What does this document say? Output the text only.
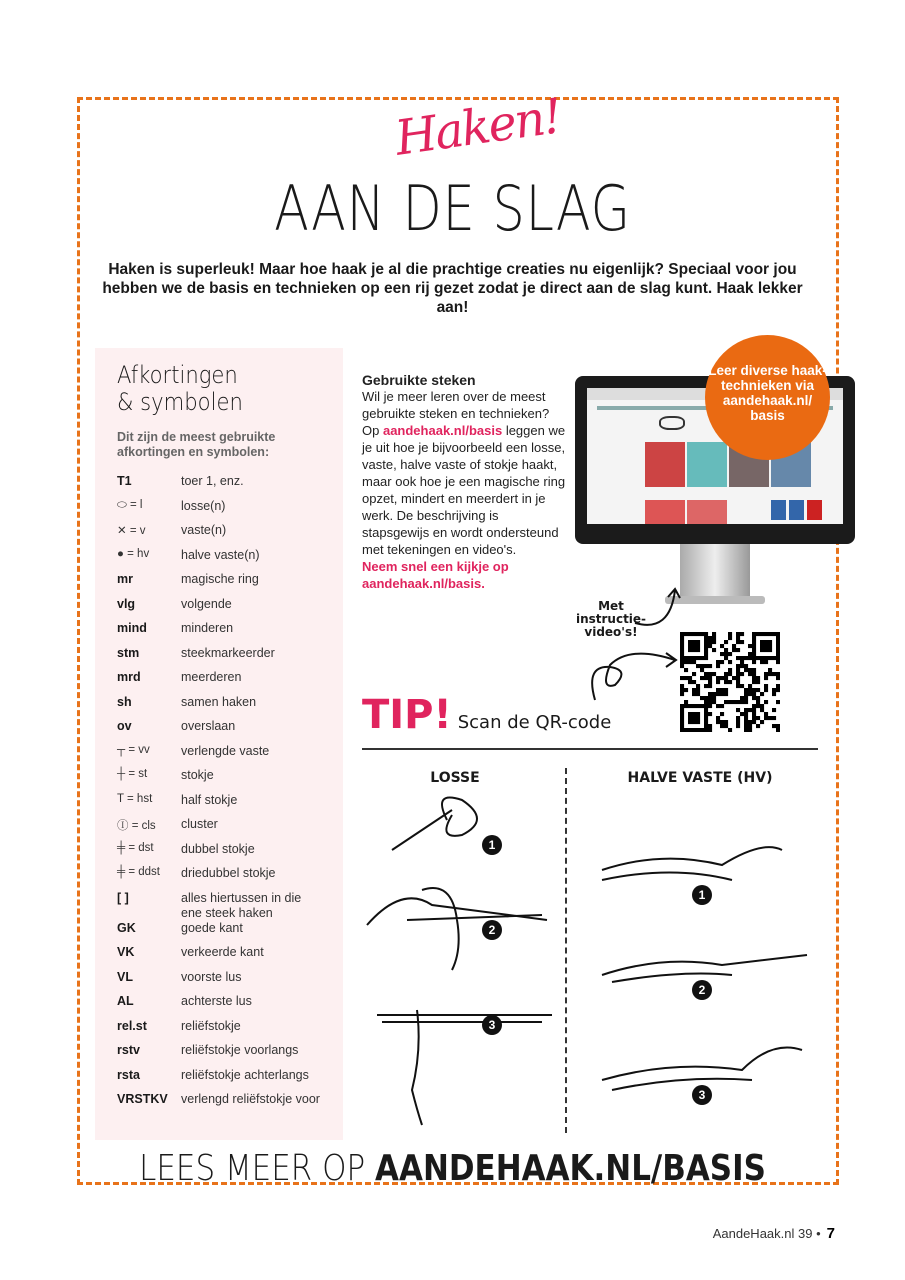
Haken!
AAN DE SLAG

Haken is superleuk! Maar hoe haak je al die prachtige creaties nu eigenlijk? Speciaal voor jou hebben we de basis en technieken op een rij gezet zodat je direct aan de slag kunt. Haak lekker aan!

Afkortingen
& symbolen

Dit zijn de meest gebruikte afkortingen en symbolen:

T1	toer 1, enz.
⬭ = l	losse(n)
✕ = v	vaste(n)
● = hv	halve vaste(n)
mr	magische ring
vlg	volgende
mind	minderen
stm	steekmarkeerder
mrd	meerderen
sh	samen haken
ov	overslaan
┬ = vv	verlengde vaste
┼ = st	stokje
T = hst	half stokje
Ⓘ = cls	cluster
╪ = dst	dubbel stokje
╪ = ddst	driedubbel stokje
[ ]	alles hiertussen in die ene steek haken
GK	goede kant
VK	verkeerde kant
VL	voorste lus
AL	achterste lus
rel.st	reliëfstokje
rstv	reliëfstokje voorlangs
rsta	reliëfstokje achterlangs
VRSTKV	verlengd reliëfstokje voor
Gebruikte steken

Wil je meer leren over de meest gebruikte steken en technieken?

Op aandehaak.nl/basis leggen we je uit hoe je bijvoorbeeld een losse, vaste, halve vaste of stokje haakt, maar ook hoe je een magische ring opzet, mindert en meerdert in je werk. De beschrijving is stapsgewijs en wordt ondersteund met tekeningen en video's.

Neem snel een kijkje op aandehaak.nl/basis.

Leer diverse haak-technieken via aandehaak.nl/ basis
Met instructie-video's!
TIP! Scan de QR-code
LOSSE	HALVE VASTE (HV)
1
2
3
1
2
3
LEES MEER OP AANDEHAAK.NL/BASIS
AandeHaak.nl 39 • 7
